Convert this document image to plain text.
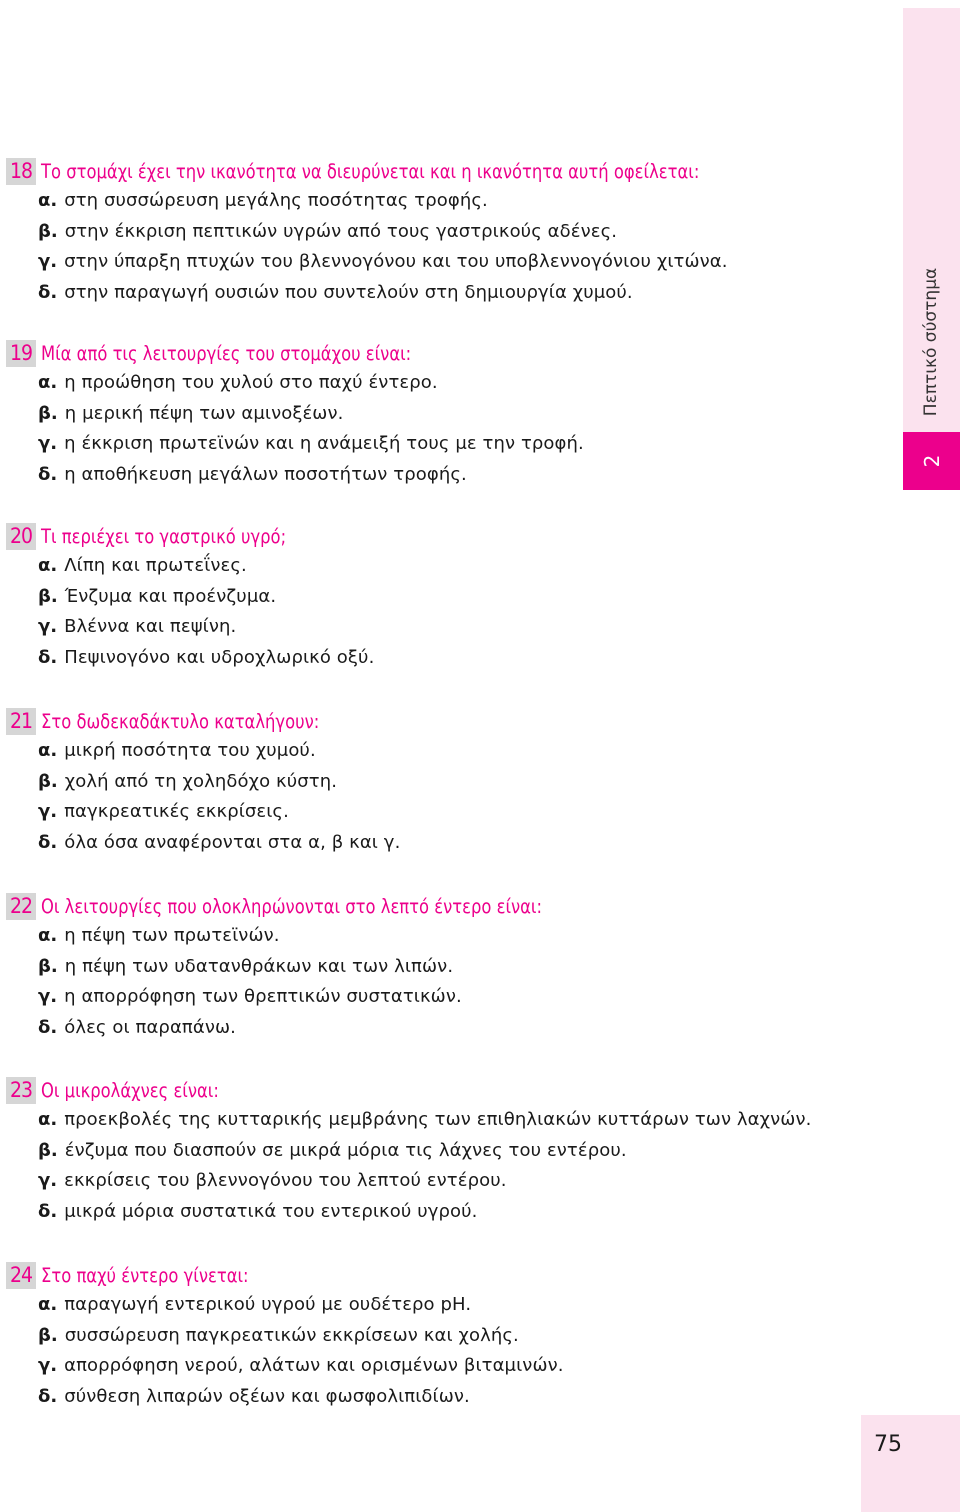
Πεπτικό σύστημα
2
18 Το στομάχι έχει την ικανότητα να διευρύνεται και η ικανότητα αυτή οφείλεται:
α. στη συσσώρευση μεγάλης ποσότητας τροφής.
β. στην έκκριση πεπτικών υγρών από τους γαστρικούς αδένες.
γ. στην ύπαρξη πτυχών του βλεννογόνου και του υποβλεννογόνιου χιτώνα.
δ. στην παραγωγή ουσιών που συντελούν στη δημιουργία χυμού.
19 Μία από τις λειτουργίες του στομάχου είναι:
α. η προώθηση του χυλού στο παχύ έντερο.
β. η μερική πέψη των αμινοξέων.
γ. η έκκριση πρωτεϊνών και η ανάμειξή τους με την τροφή.
δ. η αποθήκευση μεγάλων ποσοτήτων τροφής.
20 Τι περιέχει το γαστρικό υγρό;
α. Λίπη και πρωτεΐνες.
β. Ένζυμα και προένζυμα.
γ. Βλέννα και πεψίνη.
δ. Πεψινογόνο και υδροχλωρικό οξύ.
21 Στο δωδεκαδάκτυλο καταλήγουν:
α. μικρή ποσότητα του χυμού.
β. χολή από τη χοληδόχο κύστη.
γ. παγκρεατικές εκκρίσεις.
δ. όλα όσα αναφέρονται στα α, β και γ.
22 Οι λειτουργίες που ολοκληρώνονται στο λεπτό έντερο είναι:
α. η πέψη των πρωτεϊνών.
β. η πέψη των υδατανθράκων και των λιπών.
γ. η απορρόφηση των θρεπτικών συστατικών.
δ. όλες οι παραπάνω.
23 Οι μικρολάχνες είναι:
α. προεκβολές της κυτταρικής μεμβράνης των επιθηλιακών κυττάρων των λαχνών.
β. ένζυμα που διασπούν σε μικρά μόρια τις λάχνες του εντέρου.
γ. εκκρίσεις του βλεννογόνου του λεπτού εντέρου.
δ. μικρά μόρια συστατικά του εντερικού υγρού.
24 Στο παχύ έντερο γίνεται:
α. παραγωγή εντερικού υγρού με ουδέτερο pH.
β. συσσώρευση παγκρεατικών εκκρίσεων και χολής.
γ. απορρόφηση νερού, αλάτων και ορισμένων βιταμινών.
δ. σύνθεση λιπαρών οξέων και φωσφολιπιδίων.
75
